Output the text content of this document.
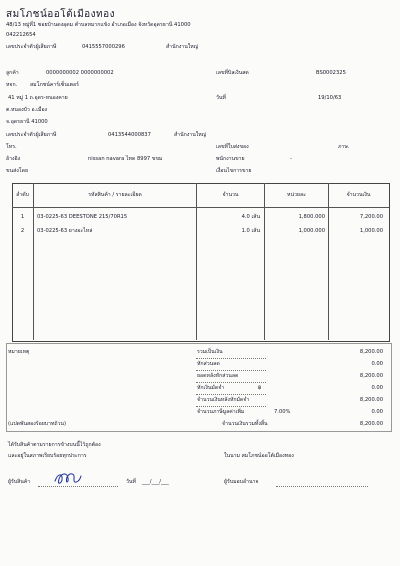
สมโภชน์ออโต้เมืองทอง
48/13 หมู่ที่1 ซอยบ้านดงอุดม ตำบลหมากแข้ง อำเภอเมือง จังหวัดอุดรธานี 41000
042212654
เลขประจำตัวผู้เสียภาษี	0415557000296	สำนักงานใหญ่
ลูกค้า	0000000002 0000000002	เลขที่บิลเงินสด	BS0002325
หจก. สมโภชน์คาร์เซ็นเตอร์
41 หมู่ 1 ถ.อุดร-หนองคาย	วันที่	19/10/63
ต.หนองบัว อ.เมือง
จ.อุดรธานี 41000
เลขประจำตัวผู้เสียภาษี	0413544000837	สำนักงานใหญ่
โทร.	เลขที่ใบส่งของ	ภาษ.
อ้างอิง	nissan navara ไทด 8997 ขขม	พนักงานขาย	-
ขนส่งโดย	เงื่อนไขการขาย
ลำดับ	รหัสสินค้า / รายละเอียด	จำนวน	หน่วยละ	จำนวนเงิน
1	03-0225-63 DEESTONE 215/70R15	4.0 เส้น	1,800.000	7,200.00
2	03-0225-63 ยางอะไหล่	1.0 เส้น	1,000.000	1,000.00
หมายเหตุ	รวมเป็นเงิน	8,200.00
หักส่วนลด	0.00
ยอดหลังหักส่วนลด	8,200.00
หักเงินมัดจำ	฿	0.00
จำนวนเงินหลังหักมัดจำ	8,200.00
จำนวนภาษีมูลค่าเพิ่ม	7.00%	0.00
(แปดพันสองร้อยบาทถ้วน)	จำนวนเงินรวมทั้งสิ้น	8,200.00
ได้รับสินค้าตามรายการข้างบนนี้ไว้ถูกต้อง
และอยู่ในสภาพเรียบร้อยทุกประการ	ในนาม สมโภชน์ออโต้เมืองทอง
ผู้รับสินค้า	วันที่ ___/___/___	ผู้รับมอบอำนาจ
